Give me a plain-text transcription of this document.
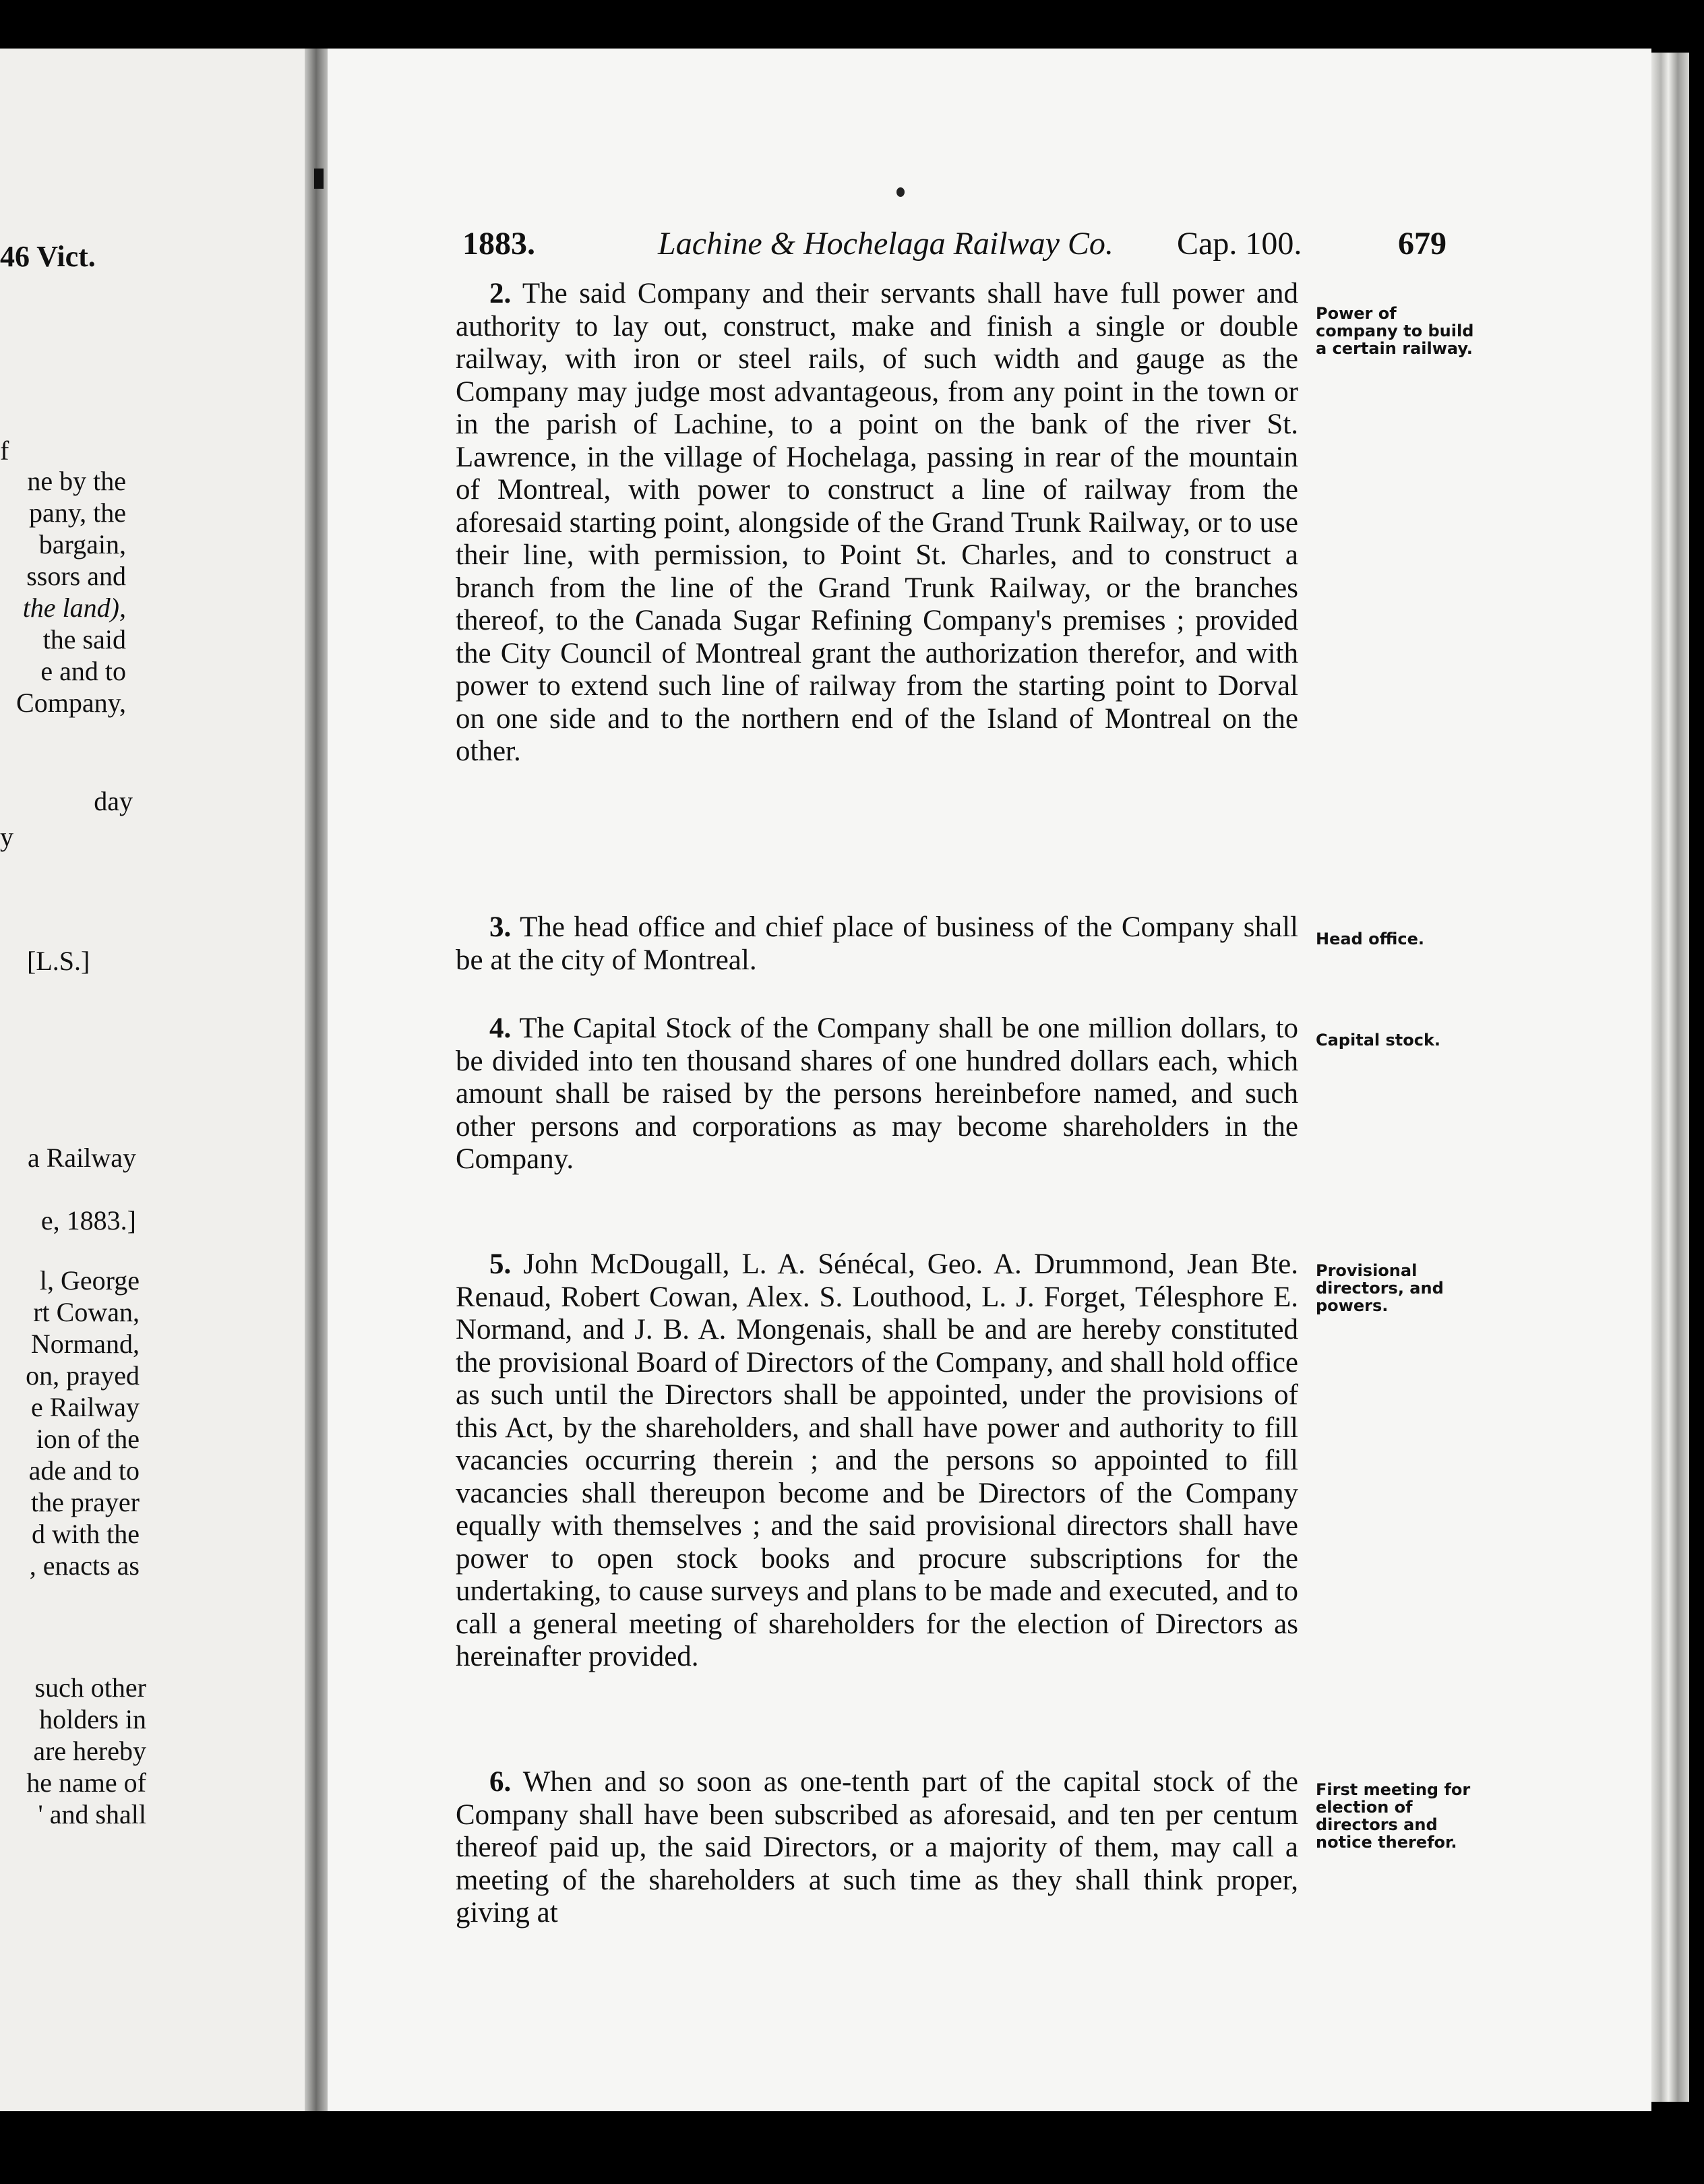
46 Vict.
f
ne by the
pany, the
bargain,
ssors and
the land),
the said
e and to
Company,
day
y
[L.S.]
a Railway
e, 1883.]
l, George
rt Cowan,
Normand,
on, prayed
e Railway
ion of the
ade and to
the prayer
d with the
, enacts as
such other
holders in
are hereby
he name of
' and shall
1883.	Lachine & Hochelaga Railway Co. Cap. 100.	679

2. The said Company and their servants shall have full power and authority to lay out, construct, make and finish a single or double railway, with iron or steel rails, of such width and gauge as the Company may judge most advantageous, from any point in the town or in the parish of Lachine, to a point on the bank of the river St. Lawrence, in the village of Hochelaga, passing in rear of the mountain of Montreal, with power to construct a line of railway from the aforesaid starting point, alongside of the Grand Trunk Railway, or to use their line, with permission, to Point St. Charles, and to construct a branch from the line of the Grand Trunk Railway, or the branches thereof, to the Canada Sugar Refining Company's premises ; provided the City Council of Montreal grant the authorization therefor, and with power to extend such line of railway from the starting point to Dorval on one side and to the northern end of the Island of Montreal on the other.

Power of company to build a certain railway.

3. The head office and chief place of business of the Company shall be at the city of Montreal.

Head office.

4. The Capital Stock of the Company shall be one million dollars, to be divided into ten thousand shares of one hundred dollars each, which amount shall be raised by the persons hereinbefore named, and such other persons and corporations as may become shareholders in the Company.

Capital stock.

5. John McDougall, L. A. Sénécal, Geo. A. Drummond, Jean Bte. Renaud, Robert Cowan, Alex. S. Louthood, L. J. Forget, Télesphore E. Normand, and J. B. A. Mongenais, shall be and are hereby constituted the provisional Board of Directors of the Company, and shall hold office as such until the Directors shall be appointed, under the provisions of this Act, by the shareholders, and shall have power and authority to fill vacancies occurring therein ; and the persons so appointed to fill vacancies shall thereupon become and be Directors of the Company equally with themselves ; and the said provisional directors shall have power to open stock books and procure subscriptions for the undertaking, to cause surveys and plans to be made and executed, and to call a general meeting of shareholders for the election of Directors as hereinafter provided.

Provisional directors, and powers.

6. When and so soon as one-tenth part of the capital stock of the Company shall have been subscribed as aforesaid, and ten per centum thereof paid up, the said Directors, or a majority of them, may call a meeting of the shareholders at such time as they shall think proper, giving at

First meeting for election of directors and notice therefor.
